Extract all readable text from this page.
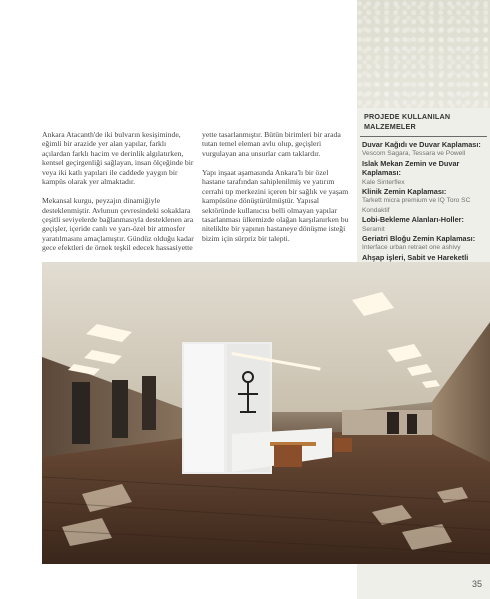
PROJEDE KULLANILAN MALZEMELER
Duvar Kağıdı ve Duvar Kaplaması:
Vescom Sagara, Tessara ve Powell
Islak Mekan Zemin ve Duvar Kaplaması:
Kale Sinterflex
Klinik Zemin Kaplaması:
Tarkett micra premium ve IQ Toro SC Kondaktif
Lobi-Bekleme Alanları-Holler:
Seramit
Geriatri Bloğu Zemin Kaplaması:
Interface urban retraet one ashivy
Ahşap işleri, Sabit ve Hareketli

Ankara Atacanth'de iki bulvarın kesişiminde, eğimli bir arazide yer alan yapılar, farklı açılardan farklı hacim ve derinlik algılatırken, kentsel geçirgenliği sağlayan, insan ölçeğinde bir veya iki katlı yapıları ile caddede yaygın bir kampüs olarak yer almaktadır.

Mekansal kurgu, peyzajın dinamiğiyle desteklenmiştir. Avlunun çevresindeki sokaklara çeşitli seviyelerde bağlanmasıyla desteklenen ara geçişler, içeride canlı ve yarı-özel bir atmosfer yaratılmasını amaçlamıştır. Gündüz olduğu kadar gece efektleri de örnek teşkil edecek hassasiyette

yette tasarlanmıştır. Bütün birimleri bir arada tutan temel eleman avlu olup, geçişleri vurgulayan ana unsurlar cam taklardır.

Yapı inşaat aşamasında Ankara'lı bir özel hastane tarafından sahiplenilmiş ve yatırım cerrahi tıp merkezini içeren bir sağlık ve yaşam kampüsüne dönüştürülmüştür. Yapısal sektöründe kullanıcısı belli olmayan yapılar tasarlanması ülkemizde olağan karşılanırken bu niteliklte bir yapının hastaneye dönüşme isteği bizim için sürpriz bir talepti.

35
